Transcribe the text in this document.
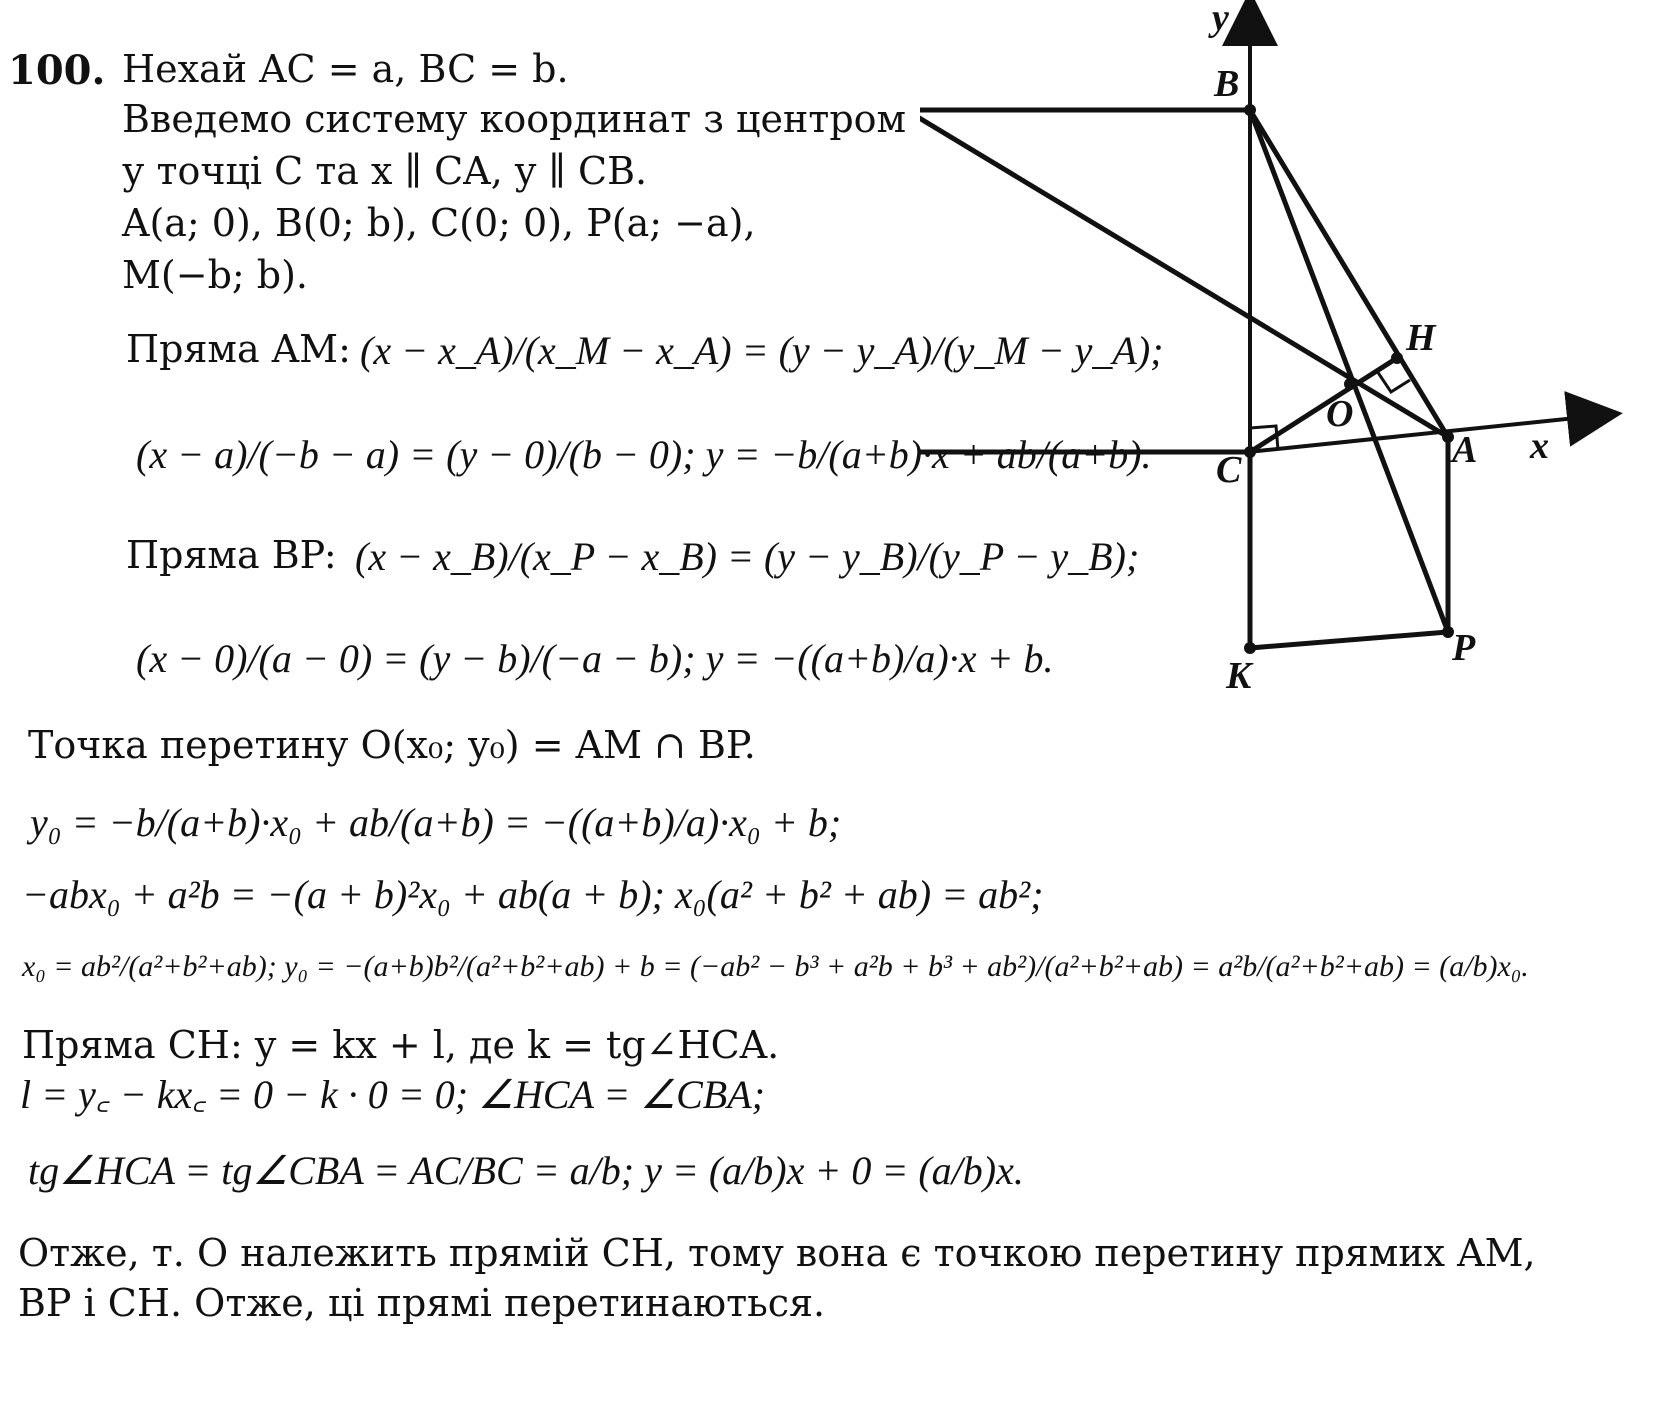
100. Нехай AC = a, BC = b.
Введемо систему координат з центром
у точці C та x ∥ CA, y ∥ CB.
A(a; 0), B(0; b), C(0; 0), P(a; −a),
M(−b; b).
Пряма AM: (x − x_A)/(x_M − x_A) = (y − y_A)/(y_M − y_A);
(x − a)/(−b − a) = (y − 0)/(b − 0); y = −b/(a+b)·x + ab/(a+b).
Пряма BP: (x − x_B)/(x_P − x_B) = (y − y_B)/(y_P − y_B);
(x − 0)/(a − 0) = (y − b)/(−a − b); y = −((a+b)/a)·x + b.
Точка перетину O(x₀; y₀) = AM ∩ BP.
y₀ = −b/(a+b)·x₀ + ab/(a+b) = −((a+b)/a)·x₀ + b;
−abx₀ + a²b = −(a + b)²x₀ + ab(a + b); x₀(a² + b² + ab) = ab²;
x₀ = ab²/(a²+b²+ab); y₀ = −(a+b)b²/(a²+b²+ab) + b = (−ab² − b³ + a²b + b³ + ab²)/(a²+b²+ab) = a²b/(a²+b²+ab) = (a/b)x₀.
Пряма CH: y = kx + l, де k = tg∠HCA.
l = y꜀ − kx꜀ = 0 − k · 0 = 0; ∠HCA = ∠CBA;
tg∠HCA = tg∠CBA = AC/BC = a/b; y = (a/b)x + 0 = (a/b)x.
Отже, т. O належить прямій CH, тому вона є точкою перетину прямих AM,
BP і CH. Отже, ці прямі перетинаються.
B
H
O
C	A
K
P
x
y
